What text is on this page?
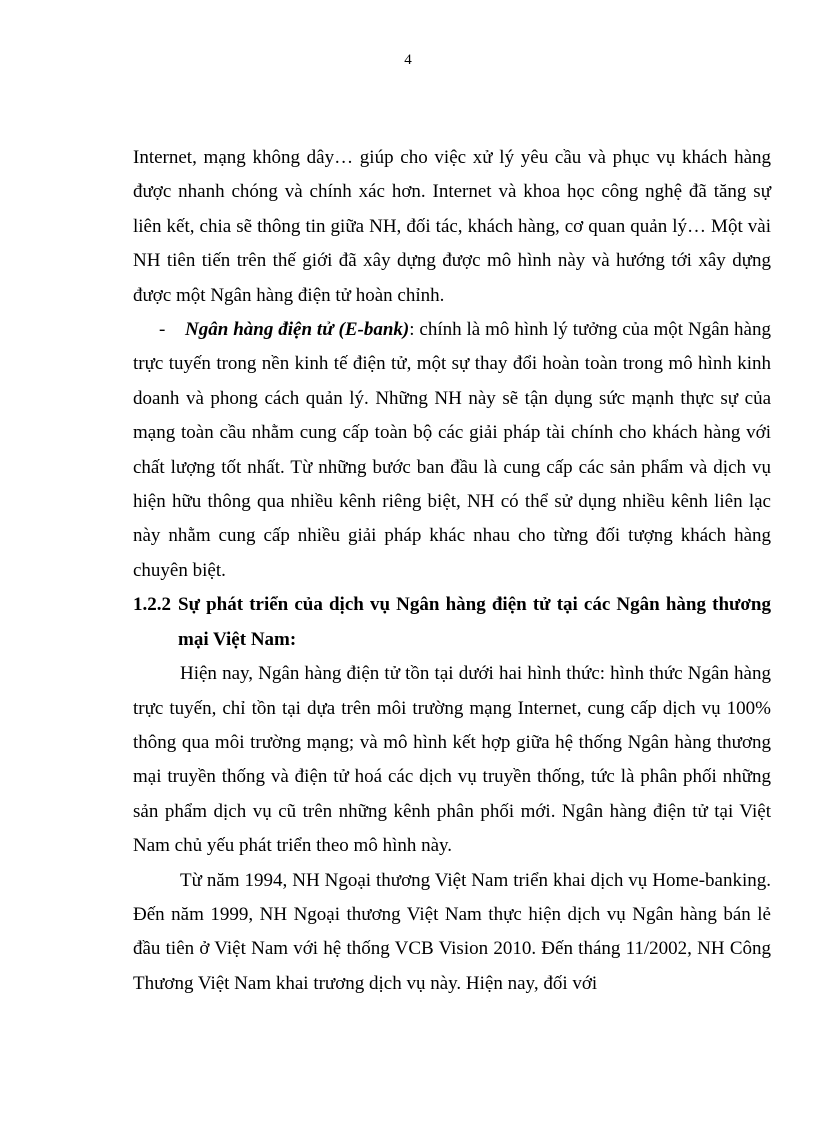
4

Internet, mạng không dây… giúp cho việc xử lý yêu cầu và phục vụ khách hàng được nhanh chóng và chính xác hơn. Internet và khoa học công nghệ đã tăng sự liên kết, chia sẽ thông tin giữa NH, đối tác, khách hàng, cơ quan quản lý… Một vài NH tiên tiến trên thế giới đã xây dựng được mô hình này và hướng tới xây dựng được một Ngân hàng điện tử hoàn chỉnh.

- Ngân hàng điện tử (E-bank): chính là mô hình lý tưởng của một Ngân hàng trực tuyến trong nền kinh tế điện tử, một sự thay đổi hoàn toàn trong mô hình kinh doanh và phong cách quản lý. Những NH này sẽ tận dụng sức mạnh thực sự của mạng toàn cầu nhằm cung cấp toàn bộ các giải pháp tài chính cho khách hàng với chất lượng tốt nhất. Từ những bước ban đầu là cung cấp các sản phẩm và dịch vụ hiện hữu thông qua nhiều kênh riêng biệt, NH có thể sử dụng nhiều kênh liên lạc này nhằm cung cấp nhiều giải pháp khác nhau cho từng đối tượng khách hàng chuyên biệt.

1.2.2 Sự phát triển của dịch vụ Ngân hàng điện tử tại các Ngân hàng thương mại Việt Nam:

Hiện nay, Ngân hàng điện tử tồn tại dưới hai hình thức: hình thức Ngân hàng trực tuyến, chỉ tồn tại dựa trên môi trường mạng Internet, cung cấp dịch vụ 100% thông qua môi trường mạng; và mô hình kết hợp giữa hệ thống Ngân hàng thương mại truyền thống và điện tử hoá các dịch vụ truyền thống, tức là phân phối những sản phẩm dịch vụ cũ trên những kênh phân phối mới. Ngân hàng điện tử tại Việt Nam chủ yếu phát triển theo mô hình này.

Từ năm 1994, NH Ngoại thương Việt Nam triển khai dịch vụ Home-banking. Đến năm 1999, NH Ngoại thương Việt Nam thực hiện dịch vụ Ngân hàng bán lẻ đầu tiên ở Việt Nam với hệ thống VCB Vision 2010. Đến tháng 11/2002, NH Công Thương Việt Nam khai trương dịch vụ này. Hiện nay, đối với
